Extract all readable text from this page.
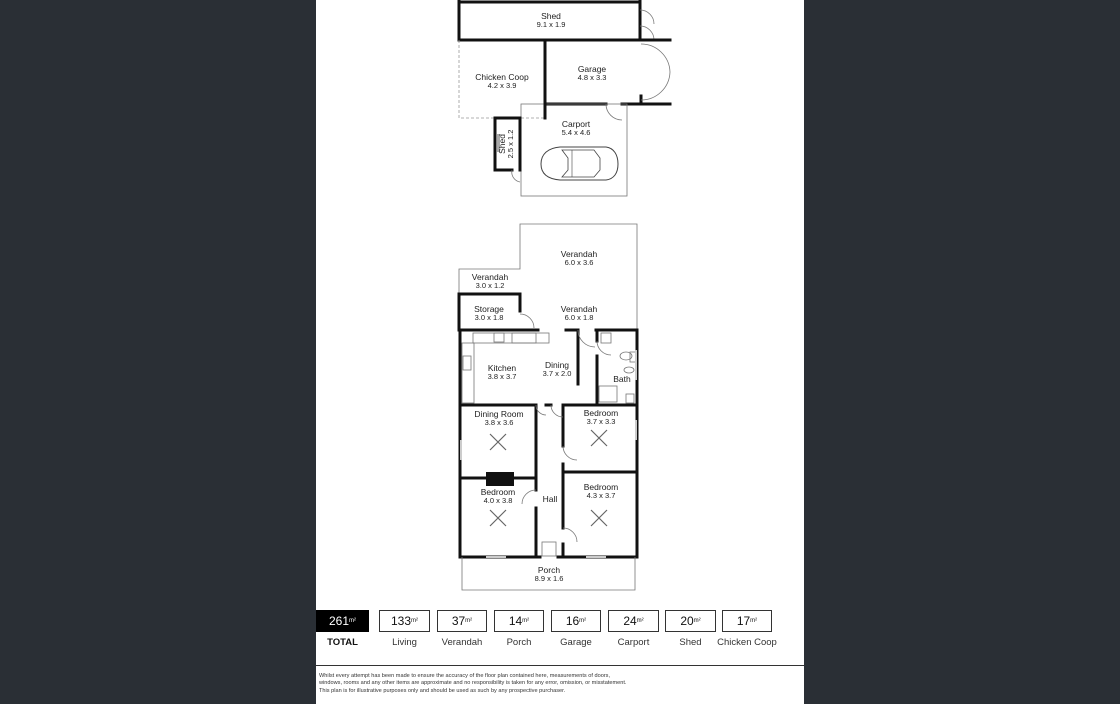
Shed
9.1 x 1.9
Chicken Coop
4.2 x 3.9
Garage
4.8 x 3.3
Carport
5.4 x 4.6
Shed 2.5 x 1.2
Verandah
6.0 x 3.6
Verandah
3.0 x 1.2
Storage
3.0 x 1.8
Verandah
6.0 x 1.8
Kitchen
3.8 x 3.7
Dining
3.7 x 2.0
Bath
Dining Room
3.8 x 3.6
Bedroom
3.7 x 3.3
Bedroom
4.0 x 3.8	Hall
Bedroom
4.3 x 3.7
Porch
8.9 x 1.6
261 m²
TOTAL
133 m²
Living
37 m²
Verandah
14 m²
Porch
16 m²
Garage
24 m²
Carport
20 m²
Shed
17 m²
Chicken Coop
Whilst every attempt has been made to ensure the accuracy of the floor plan contained here, measurements of doors,
windows, rooms and any other items are approximate and no responsibility is taken for any error, omission, or misstatement.
This plan is for illustrative purposes only and should be used as such by any prospective purchaser.
